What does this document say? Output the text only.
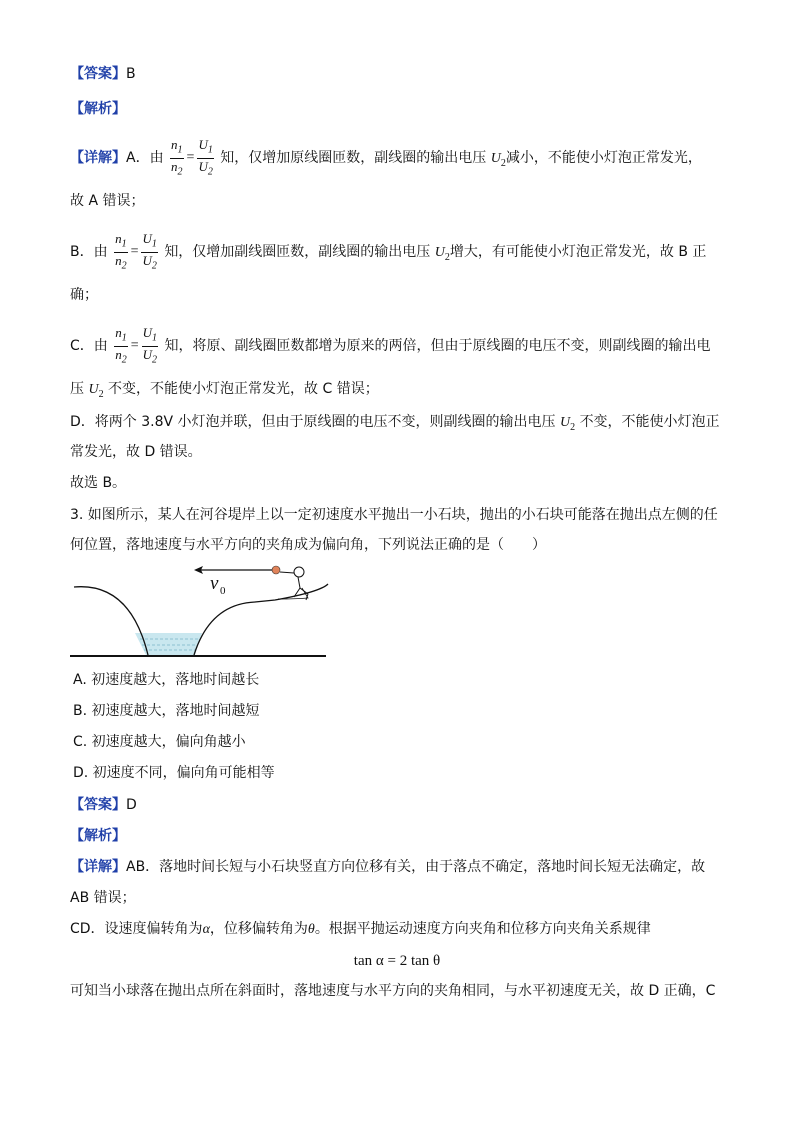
【答案】B
【解析】
【详解】A．由 $\frac{n_1}{n_2} = \frac{U_1}{U_2}$ 知，仅增加原线圈匝数，副线圈的输出电压 $U_2$减小，不能使小灯泡正常发光，
故 A 错误；
B．由 $\frac{n_1}{n_2} = \frac{U_1}{U_2}$ 知，仅增加副线圈匝数，副线圈的输出电压 $U_2$增大，有可能使小灯泡正常发光，故 B 正
确；
C．由 $\frac{n_1}{n_2} = \frac{U_1}{U_2}$ 知，将原、副线圈匝数都增为原来的两倍，但由于原线圈的电压不变，则副线圈的输出电
压 $U_2$ 不变，不能使小灯泡正常发光，故 C 错误；
D．将两个 3.8V 小灯泡并联，但由于原线圈的电压不变，则副线圈的输出电压 $U_2$ 不变，不能使小灯泡正
常发光，故 D 错误。
故选 B。
3. 如图所示，某人在河谷堤岸上以一定初速度水平抛出一小石块，抛出的小石块可能落在抛出点左侧的任
何位置，落地速度与水平方向的夹角成为偏向角，下列说法正确的是（　　）
v 0
A. 初速度越大，落地时间越长
B. 初速度越大，落地时间越短
C. 初速度越大，偏向角越小
D. 初速度不同，偏向角可能相等
【答案】D
【解析】
【详解】AB．落地时间长短与小石块竖直方向位移有关，由于落点不确定，落地时间长短无法确定，故
AB 错误；
CD．设速度偏转角为α，位移偏转角为θ。根据平抛运动速度方向夹角和位移方向夹角关系规律
tan α = 2 tan θ
可知当小球落在抛出点所在斜面时，落地速度与水平方向的夹角相同，与水平初速度无关，故 D 正确，C
